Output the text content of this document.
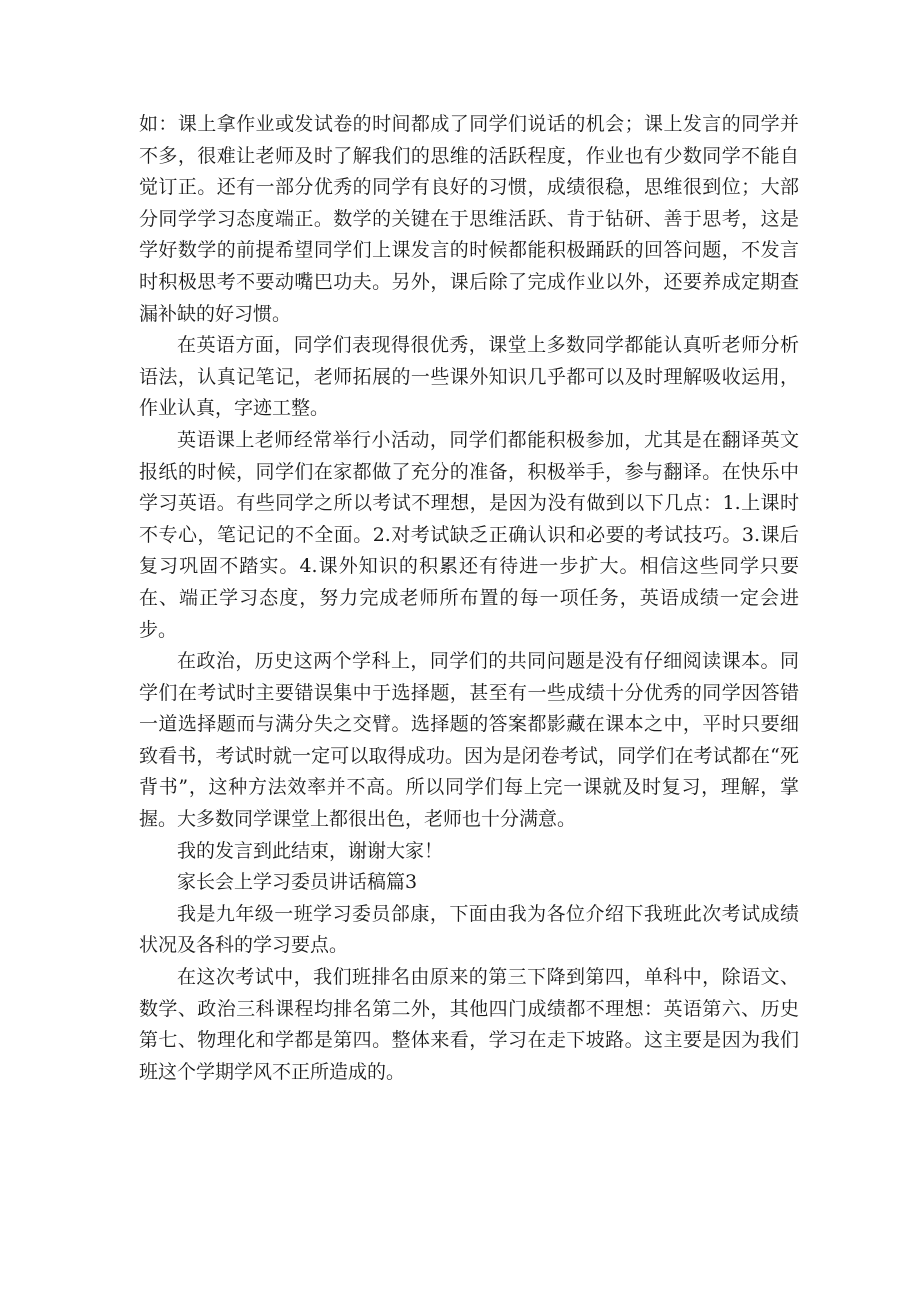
如：课上拿作业或发试卷的时间都成了同学们说话的机会；课上发言的同学并不多，很难让老师及时了解我们的思维的活跃程度，作业也有少数同学不能自觉订正。还有一部分优秀的同学有良好的习惯，成绩很稳，思维很到位；大部分同学学习态度端正。数学的关键在于思维活跃、肯于钻研、善于思考，这是学好数学的前提希望同学们上课发言的时候都能积极踊跃的回答问题，不发言时积极思考不要动嘴巴功夫。另外，课后除了完成作业以外，还要养成定期查漏补缺的好习惯。

在英语方面，同学们表现得很优秀，课堂上多数同学都能认真听老师分析语法，认真记笔记，老师拓展的一些课外知识几乎都可以及时理解吸收运用，作业认真，字迹工整。

英语课上老师经常举行小活动，同学们都能积极参加，尤其是在翻译英文报纸的时候，同学们在家都做了充分的准备，积极举手，参与翻译。在快乐中学习英语。有些同学之所以考试不理想，是因为没有做到以下几点：1.上课时不专心，笔记记的不全面。2.对考试缺乏正确认识和必要的考试技巧。3.课后复习巩固不踏实。4.课外知识的积累还有待进一步扩大。相信这些同学只要在、端正学习态度，努力完成老师所布置的每一项任务，英语成绩一定会进步。

在政治，历史这两个学科上，同学们的共同问题是没有仔细阅读课本。同学们在考试时主要错误集中于选择题，甚至有一些成绩十分优秀的同学因答错一道选择题而与满分失之交臂。选择题的答案都影藏在课本之中，平时只要细致看书，考试时就一定可以取得成功。因为是闭卷考试，同学们在考试都在“死背书”，这种方法效率并不高。所以同学们每上完一课就及时复习，理解，掌握。大多数同学课堂上都很出色，老师也十分满意。

我的发言到此结束，谢谢大家！

家长会上学习委员讲话稿篇3

我是九年级一班学习委员郃康，下面由我为各位介绍下我班此次考试成绩状况及各科的学习要点。

在这次考试中，我们班排名由原来的第三下降到第四，单科中，除语文、数学、政治三科课程均排名第二外，其他四门成绩都不理想：英语第六、历史第七、物理化和学都是第四。整体来看，学习在走下坡路。这主要是因为我们班这个学期学风不正所造成的。
